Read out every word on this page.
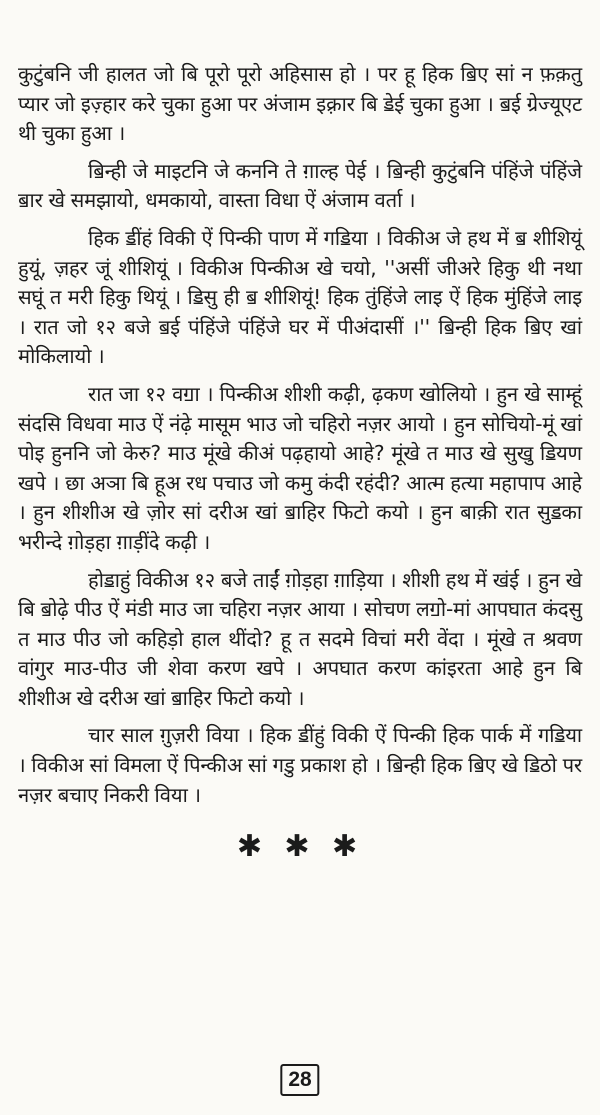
कुटुंबनि जी हालत जो बि पूरो पूरो अहिसास हो । पर हू हिक ॿिए सां न फ़क़तु प्यार जो इज़्हार करे चुका हुआ पर अंजाम इक़्रार बि ॾेई चुका हुआ । ॿई ग्रेज्यूएट थी चुका हुआ ।

ॿिन्ही जे माइटनि जे कननि ते ग़ाल्ह पेई । ॿिन्ही कुटुंबनि पंहिंजे पंहिंजे ॿार खे समझायो, धमकायो, वास्ता विधा ऐं अंजाम वर्ता ।

हिक ॾींहं विकी ऐं पिन्की पाण में गॾिया । विकीअ जे हथ में ॿ शीशियूं हुयूं, ज़हर जूं शीशियूं । विकीअ पिन्कीअ खे चयो, ''असीं जीअरे हिकु थी नथा सघूं त मरी हिकु थियूं । ॾिसु ही ॿ शीशियूं! हिक तुंहिंजे लाइ ऐं हिक मुंहिंजे लाइ । रात जो १२ बजे ॿई पंहिंजे पंहिंजे घर में पीअंदासीं ।'' ॿिन्ही हिक ॿिए खां मोकिलायो ।

रात जा १२ वॻा । पिन्कीअ शीशी कढ़ी, ढ़कण खोलियो । हुन खे साम्हूं संदसि विधवा माउ ऐं नंढ़े मासूम भाउ जो चहिरो नज़र आयो । हुन सोचियो-मूं खां पोइ हुननि जो केरु? माउ मूंखे कीअं पढ़हायो आहे? मूंखे त माउ खे सुखु ॾियण खपे । छा अञा बि हूअ रध पचाउ जो कमु कंदी रहंदी? आत्म हत्या महापाप आहे । हुन शीशीअ खे ज़ोर सां दरीअ खां ॿाहिर फिटो कयो । हुन बाक़ी रात सुॾका भरीन्दे ग़ोड़हा ग़ाड़ींदे कढ़ी ।

होॾाहुं विकीअ १२ बजे ताईं ग़ोड़हा ग़ाड़िया । शीशी हथ में खंई । हुन खे बि ॿोढ़े पीउ ऐं मंडी माउ जा चहिरा नज़र आया । सोचण लॻो-मां आपघात कंदसु त माउ पीउ जो कहिड़ो हाल थींदो? हू त सदमे विचां मरी वेंदा । मूंखे त श्रवण वांगुर माउ-पीउ जी शेवा करण खपे । अपघात करण कांइरता आहे हुन बि शीशीअ खे दरीअ खां ॿाहिर फिटो कयो ।

चार साल ग़ुज़री विया । हिक ॾींहुं विकी ऐं पिन्की हिक पार्क में गॾिया । विकीअ सां विमला ऐं पिन्कीअ सां गडु प्रकाश हो । ॿिन्ही हिक ॿिए खे ॾिठो पर नज़र बचाए निकरी विया ।

✱ ✱ ✱
28
